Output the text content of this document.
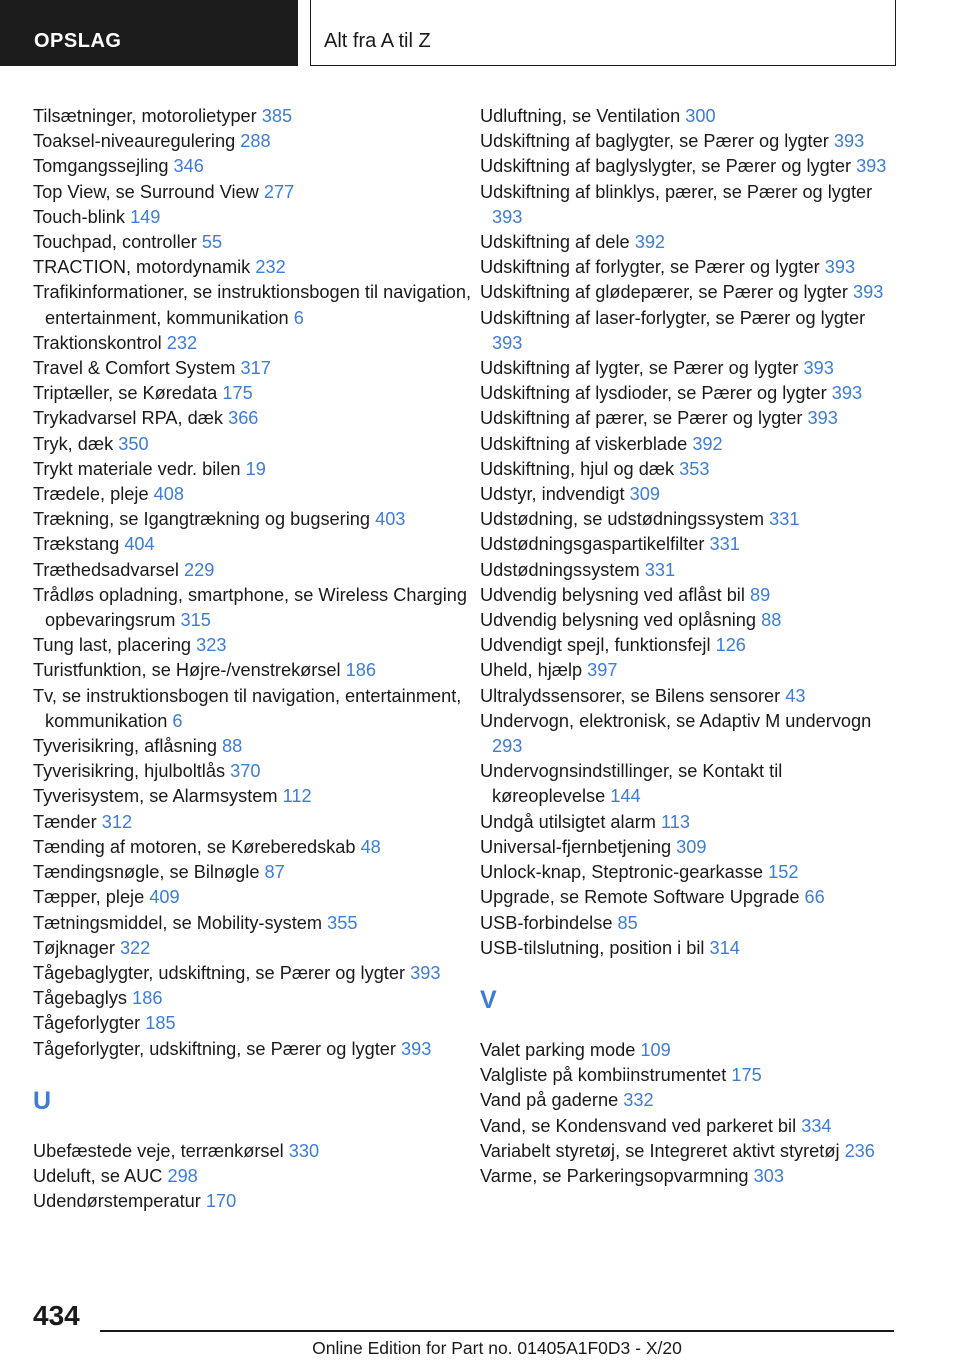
OPSLAG	Alt fra A til Z
Tilsætninger, motorolietyper 385
Toaksel-niveauregulering 288
Tomgangssejling 346
Top View, se Surround View 277
Touch-blink 149
Touchpad, controller 55
TRACTION, motordynamik 232
Trafikinformationer, se instruktionsbogen til navigation, entertainment, kommunikation 6
Traktionskontrol 232
Travel & Comfort System 317
Triptæller, se Køredata 175
Trykadvarsel RPA, dæk 366
Tryk, dæk 350
Trykt materiale vedr. bilen 19
Trædele, pleje 408
Trækning, se Igangtrækning og bugsering 403
Trækstang 404
Træthedsadvarsel 229
Trådløs opladning, smartphone, se Wireless Charging opbevaringsrum 315
Tung last, placering 323
Turistfunktion, se Højre-/venstrekørsel 186
Tv, se instruktionsbogen til navigation, entertainment, kommunikation 6
Tyverisikring, aflåsning 88
Tyverisikring, hjulboltlås 370
Tyverisystem, se Alarmsystem 112
Tænder 312
Tænding af motoren, se Køreberedskab 48
Tændingsnøgle, se Bilnøgle 87
Tæpper, pleje 409
Tætningsmiddel, se Mobility-system 355
Tøjknager 322
Tågebaglygter, udskiftning, se Pærer og lygter 393
Tågebaglys 186
Tågeforlygter 185
Tågeforlygter, udskiftning, se Pærer og lygter 393
U
Ubefæstede veje, terrænkørsel 330
Udeluft, se AUC 298
Udendørstemperatur 170
Udluftning, se Ventilation 300
Udskiftning af baglygter, se Pærer og lygter 393
Udskiftning af baglyslygter, se Pærer og lygter 393
Udskiftning af blinklys, pærer, se Pærer og lygter 393
Udskiftning af dele 392
Udskiftning af forlygter, se Pærer og lygter 393
Udskiftning af glødepærer, se Pærer og lygter 393
Udskiftning af laser-forlygter, se Pærer og lygter 393
Udskiftning af lygter, se Pærer og lygter 393
Udskiftning af lysdioder, se Pærer og lygter 393
Udskiftning af pærer, se Pærer og lygter 393
Udskiftning af viskerblade 392
Udskiftning, hjul og dæk 353
Udstyr, indvendigt 309
Udstødning, se udstødningssystem 331
Udstødningsgaspartikelfilter 331
Udstødningssystem 331
Udvendig belysning ved aflåst bil 89
Udvendig belysning ved oplåsning 88
Udvendigt spejl, funktionsfejl 126
Uheld, hjælp 397
Ultralydssensorer, se Bilens sensorer 43
Undervogn, elektronisk, se Adaptiv M undervogn 293
Undervognsindstillinger, se Kontakt til køreoplevelse 144
Undgå utilsigtet alarm 113
Universal-fjernbetjening 309
Unlock-knap, Steptronic-gearkasse 152
Upgrade, se Remote Software Upgrade 66
USB-forbindelse 85
USB-tilslutning, position i bil 314
V
Valet parking mode 109
Valgliste på kombiinstrumentet 175
Vand på gaderne 332
Vand, se Kondensvand ved parkeret bil 334
Variabelt styretøj, se Integreret aktivt styretøj 236
Varme, se Parkeringsopvarmning 303
434
Online Edition for Part no. 01405A1F0D3 - X/20
